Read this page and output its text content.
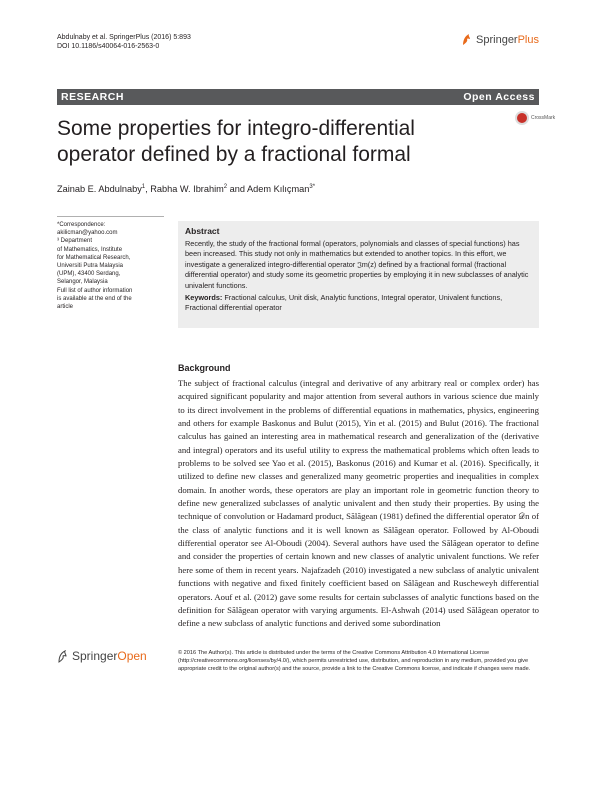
Abdulnaby et al. SpringerPlus (2016) 5:893
DOI 10.1186/s40064-016-2563-0
SpringerPlus
RESEARCH	Open Access
CrossMark
Some properties for integro-differential operator defined by a fractional formal
Zainab E. Abdulnaby$^1$, Rabha W. Ibrahim$^2$ and Adem Kılıçman$^{3*}$
*Correspondence:
akilicman@yahoo.com
³ Department
of Mathematics, Institute
for Mathematical Research,
Universiti Putra Malaysia
(UPM), 43400 Serdang,
Selangor, Malaysia
Full list of author information
is available at the end of the
article
Abstract
Recently, the study of the fractional formal (operators, polynomials and classes of special functions) has been increased. This study not only in mathematics but extended to another topics. In this effort, we investigate a generalized integro-differential operator 𝔍m(z) defined by a fractional formal (fractional differential operator) and study some its geometric properties by employing it in new subclasses of analytic univalent functions.
Keywords: Fractional calculus, Unit disk, Analytic functions, Integral operator, Univalent functions, Fractional differential operator
Background

The subject of fractional calculus (integral and derivative of any arbitrary real or complex order) has acquired significant popularity and major attention from several authors in various science due mainly to its direct involvement in the problems of differential equations in mathematics, physics, engineering and others for example Baskonus and Bulut (2015), Yin et al. (2015) and Bulut (2016). The fractional calculus has gained an interesting area in mathematical research and generalization of the (derivative and integral) operators and its useful utility to express the mathematical problems which often leads to problems to be solved see Yao et al. (2015), Baskonus (2016) and Kumar et al. (2016). Specifically, it utilized to define new classes and generalized many geometric properties and inequalities in complex domain. In another words, these operators are play an important role in geometric function theory to define new generalized subclasses of analytic univalent and then study their properties. By using the technique of convolution or Hadamard product, Sălăgean (1981) defined the differential operator 𝒟n of the class of analytic functions and it is well known as Sălăgean operator. Followed by Al-Oboudi differential operator see Al-Oboudi (2004). Several authors have used the Sălăgean operator to define and consider the properties of certain known and new classes of analytic univalent functions. We refer here some of them in recent years. Najafzadeh (2010) investigated a new subclass of analytic univalent functions with negative and fixed finitely coefficient based on Sălăgean and Ruscheweyh differential operators. Aouf et al. (2012) gave some results for certain subclasses of analytic functions based on the definition for Sălăgean operator with varying arguments. El-Ashwah (2014) used Sălăgean operator to define a new subclass of analytic functions and derived some subordination

SpringerOpen	© 2016 The Author(s). This article is distributed under the terms of the Creative Commons Attribution 4.0 International License (http://creativecommons.org/licenses/by/4.0/), which permits unrestricted use, distribution, and reproduction in any medium, provided you give appropriate credit to the original author(s) and the source, provide a link to the Creative Commons license, and indicate if changes were made.
